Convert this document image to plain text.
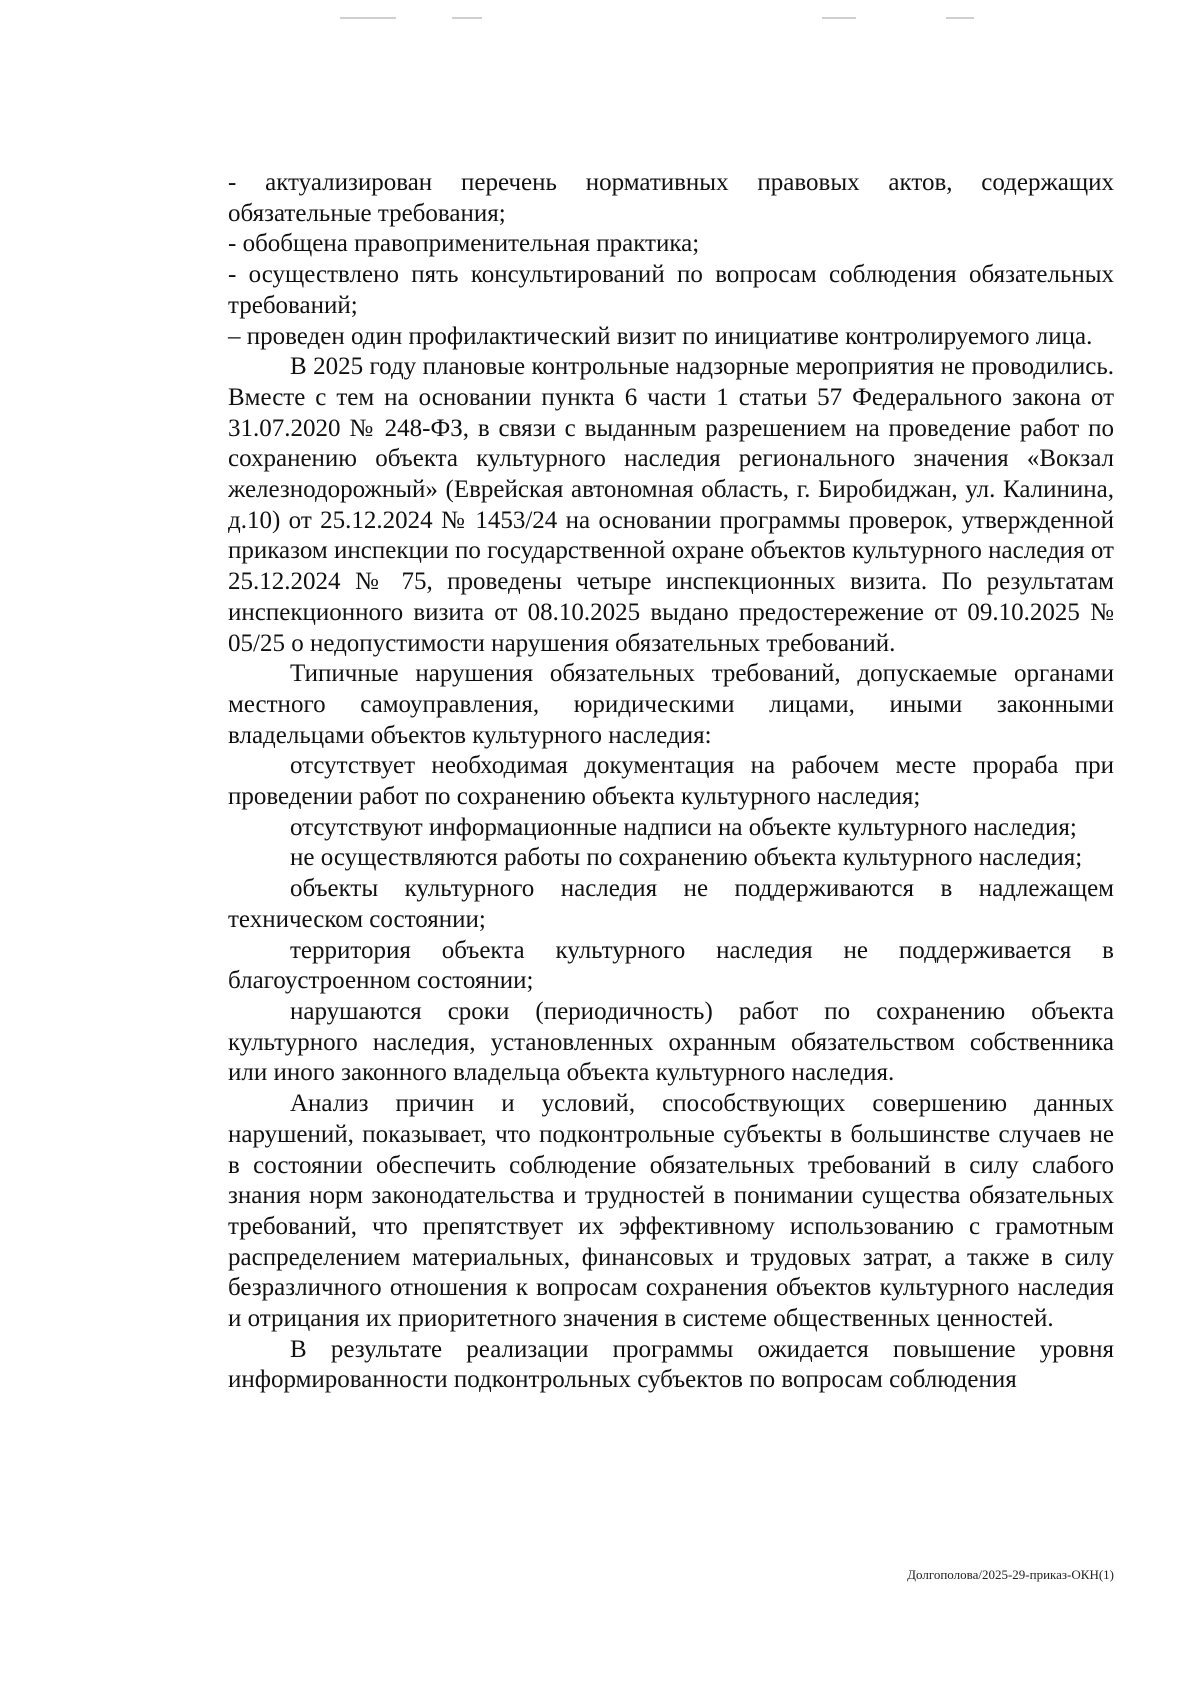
- актуализирован перечень нормативных правовых актов, содержащих обязательные требования;

- обобщена правоприменительная практика;

- осуществлено пять консультирований по вопросам соблюдения обязательных требований;

– проведен один профилактический визит по инициативе контролируемого лица.

В 2025 году плановые контрольные надзорные мероприятия не проводились. Вместе с тем на основании пункта 6 части 1 статьи 57 Федерального закона от 31.07.2020 № 248-ФЗ, в связи с выданным разрешением на проведение работ по сохранению объекта культурного наследия регионального значения «Вокзал железнодорожный» (Еврейская автономная область, г. Биробиджан, ул. Калинина, д.10) от 25.12.2024 № 1453/24 на основании программы проверок, утвержденной приказом инспекции по государственной охране объектов культурного наследия от 25.12.2024 № 75, проведены четыре инспекционных визита. По результатам инспекционного визита от 08.10.2025 выдано предостережение от 09.10.2025 № 05/25 о недопустимости нарушения обязательных требований.

Типичные нарушения обязательных требований, допускаемые органами местного самоуправления, юридическими лицами, иными законными владельцами объектов культурного наследия:

отсутствует необходимая документация на рабочем месте прораба при проведении работ по сохранению объекта культурного наследия;

отсутствуют информационные надписи на объекте культурного наследия;

не осуществляются работы по сохранению объекта культурного наследия;

объекты культурного наследия не поддерживаются в надлежащем техническом состоянии;

территория объекта культурного наследия не поддерживается в благоустроенном состоянии;

нарушаются сроки (периодичность) работ по сохранению объекта культурного наследия, установленных охранным обязательством собственника или иного законного владельца объекта культурного наследия.

Анализ причин и условий, способствующих совершению данных нарушений, показывает, что подконтрольные субъекты в большинстве случаев не в состоянии обеспечить соблюдение обязательных требований в силу слабого знания норм законодательства и трудностей в понимании существа обязательных требований, что препятствует их эффективному использованию с грамотным распределением материальных, финансовых и трудовых затрат, а также в силу безразличного отношения к вопросам сохранения объектов культурного наследия и отрицания их приоритетного значения в системе общественных ценностей.

В результате реализации программы ожидается повышение уровня информированности подконтрольных субъектов по вопросам соблюдения

Долгополова/2025-29-приказ-ОКН(1)
